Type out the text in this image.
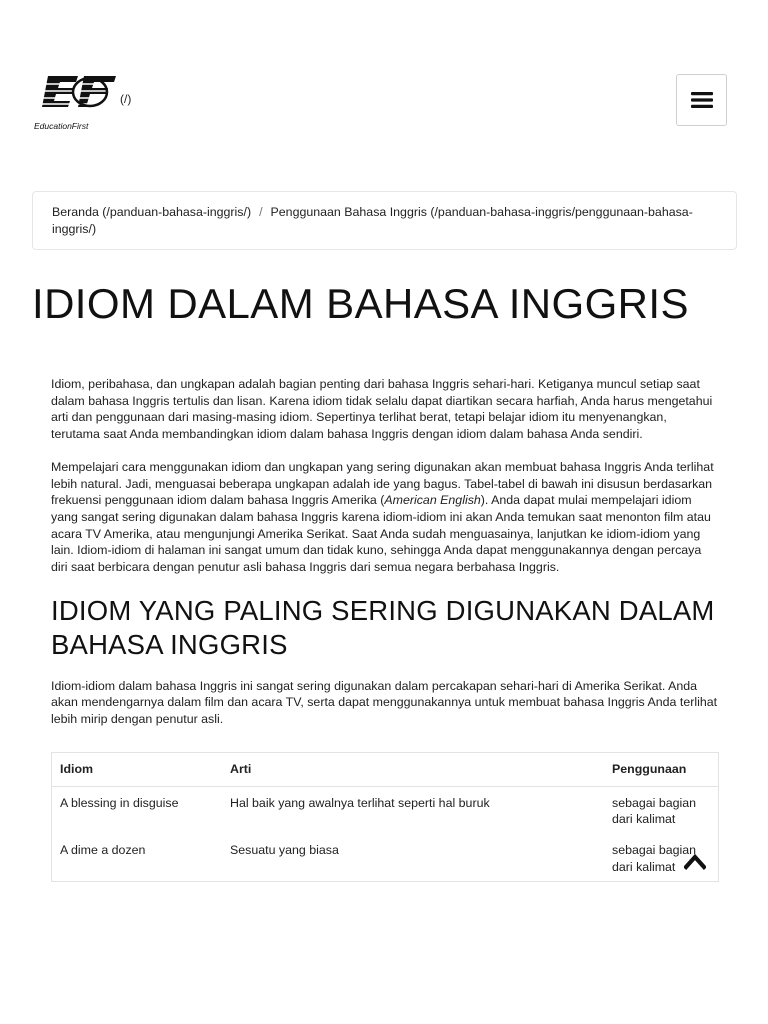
EducationFirst
(/)
Beranda (/panduan-bahasa-inggris/) / Penggunaan Bahasa Inggris (/panduan-bahasa-inggris/penggunaan-bahasa-inggris/)
IDIOM DALAM BAHASA INGGRIS

Idiom, peribahasa, dan ungkapan adalah bagian penting dari bahasa Inggris sehari-hari. Ketiganya muncul setiap saat dalam bahasa Inggris tertulis dan lisan. Karena idiom tidak selalu dapat diartikan secara harfiah, Anda harus mengetahui arti dan penggunaan dari masing-masing idiom. Sepertinya terlihat berat, tetapi belajar idiom itu menyenangkan, terutama saat Anda membandingkan idiom dalam bahasa Inggris dengan idiom dalam bahasa Anda sendiri.

Mempelajari cara menggunakan idiom dan ungkapan yang sering digunakan akan membuat bahasa Inggris Anda terlihat lebih natural. Jadi, menguasai beberapa ungkapan adalah ide yang bagus. Tabel-tabel di bawah ini disusun berdasarkan frekuensi penggunaan idiom dalam bahasa Inggris Amerika (American English). Anda dapat mulai mempelajari idiom yang sangat sering digunakan dalam bahasa Inggris karena idiom-idiom ini akan Anda temukan saat menonton film atau acara TV Amerika, atau mengunjungi Amerika Serikat. Saat Anda sudah menguasainya, lanjutkan ke idiom-idiom yang lain. Idiom-idiom di halaman ini sangat umum dan tidak kuno, sehingga Anda dapat menggunakannya dengan percaya diri saat berbicara dengan penutur asli bahasa Inggris dari semua negara berbahasa Inggris.

IDIOM YANG PALING SERING DIGUNAKAN DALAM BAHASA INGGRIS

Idiom-idiom dalam bahasa Inggris ini sangat sering digunakan dalam percakapan sehari-hari di Amerika Serikat. Anda akan mendengarnya dalam film dan acara TV, serta dapat menggunakannya untuk membuat bahasa Inggris Anda terlihat lebih mirip dengan penutur asli.

Idiom	Arti	Penggunaan
A blessing in disguise	Hal baik yang awalnya terlihat seperti hal buruk	sebagai bagian dari kalimat
A dime a dozen	Sesuatu yang biasa	sebagai bagian dari kalimat
